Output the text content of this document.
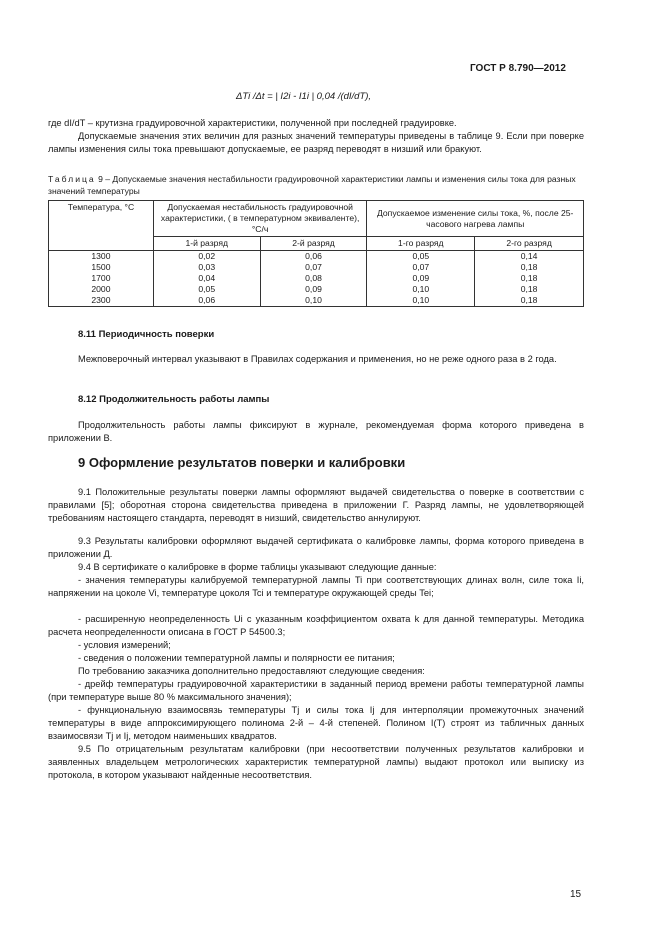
ГОСТ Р 8.790—2012
ΔTi /Δt = | I2i - I1i | 0,04 /(dI/dT),
где dI/dT – крутизна градуировочной характеристики, полученной при последней градуировке.
Допускаемые значения этих величин для разных значений температуры приведены в таблице 9. Если при поверке лампы изменения силы тока превышают допускаемые, ее разряд переводят в низший или бракуют.
Таблица 9 – Допускаемые значения нестабильности градуировочной характеристики лампы и изменения силы тока для разных значений температуры
Температура, °С	Допускаемая нестабильность градуировочной характеристики, ( в температурном эквиваленте), °С/ч		Допускаемое изменение силы тока, %, после 25-часового нагрева лампы	
	1-й разряд	2-й разряд	1-го разряд	2-го разряд
1300	0,02	0,06	0,05	0,14
1500	0,03	0,07	0,07	0,18
1700	0,04	0,08	0,09	0,18
2000	0,05	0,09	0,10	0,18
2300	0,06	0,10	0,10	0,18
8.11 Периодичность поверки
Межповерочный интервал указывают в Правилах содержания и применения, но не реже одного раза в 2 года.
8.12 Продолжительность работы лампы
Продолжительность работы лампы фиксируют в журнале, рекомендуемая форма которого приведена в приложении В.
9 Оформление результатов поверки и калибровки
9.1 Положительные результаты поверки лампы оформляют выдачей свидетельства о поверке в соответствии с правилами [5]; оборотная сторона свидетельства приведена в приложении Г. Разряд лампы, не удовлетворяющей требованиям настоящего стандарта, переводят в низший, свидетельство аннулируют.
9.3 Результаты калибровки оформляют выдачей сертификата о калибровке лампы, форма которого приведена в приложении Д.
9.4 В сертификате о калибровке в форме таблицы указывают следующие данные:
- значения температуры калибруемой температурной лампы Ti при соответствующих длинах волн, силе тока Ii, напряжении на цоколе Vi, температуре цоколя Tci и температуре окружающей среды Tei;
- расширенную неопределенность Ui с указанным коэффициентом охвата k для данной температуры. Методика расчета неопределенности описана в ГОСТ Р 54500.3;
- условия измерений;
- сведения о положении температурной лампы и полярности ее питания;
По требованию заказчика дополнительно предоставляют следующие сведения:
- дрейф температуры градуировочной характеристики в заданный период времени работы температурной лампы (при температуре выше 80 % максимального значения);
- функциональную взаимосвязь температуры Tj и силы тока Ij для интерполяции промежуточных значений температуры в виде аппроксимирующего полинома 2-й – 4-й степеней. Полином I(T) строят из табличных данных взаимосвязи Tj и Ij, методом наименьших квадратов.
9.5 По отрицательным результатам калибровки (при несоответствии полученных результатов калибровки и заявленных владельцем метрологических характеристик температурной лампы) выдают протокол или выписку из протокола, в котором указывают найденные несоответствия.
15
